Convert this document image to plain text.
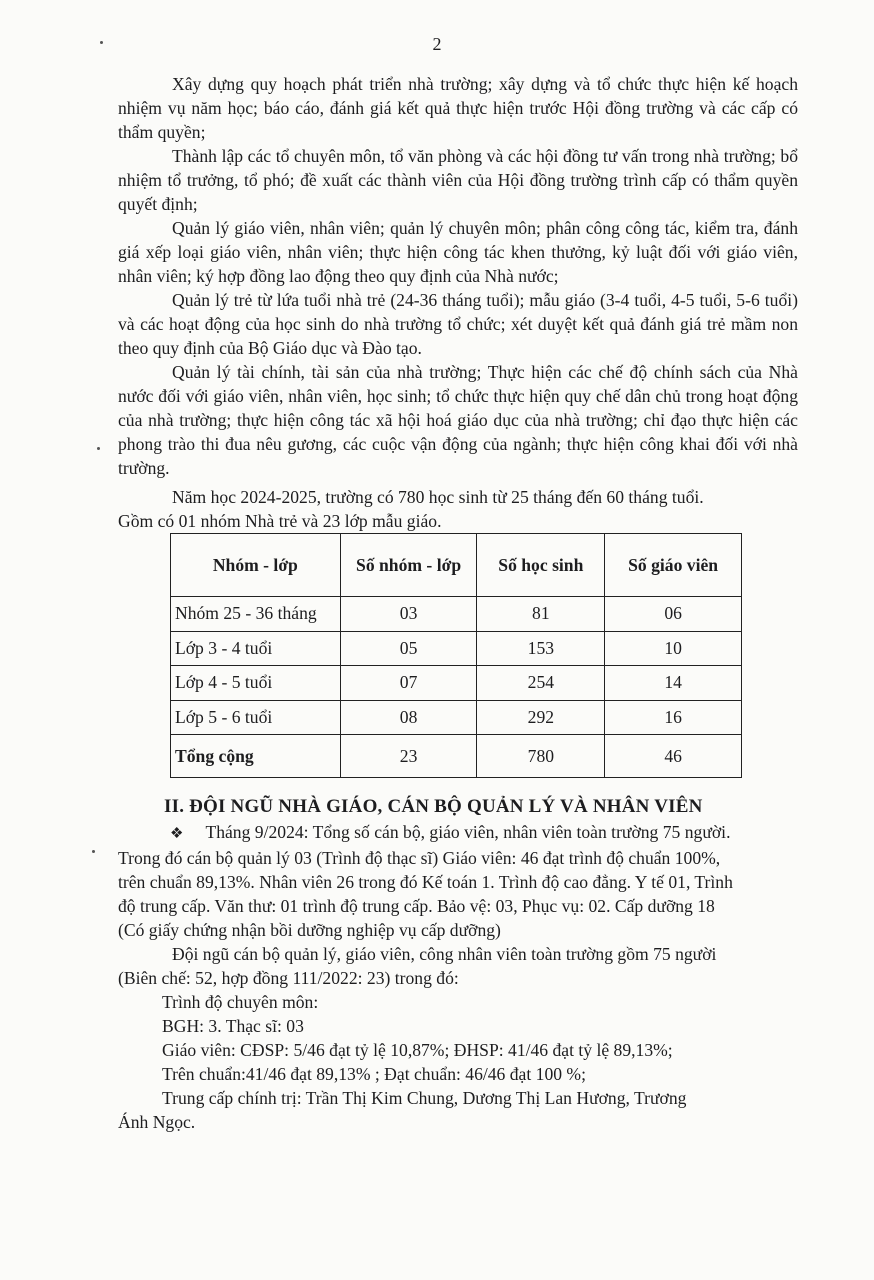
2

Xây dựng quy hoạch phát triển nhà trường; xây dựng và tổ chức thực hiện kế hoạch nhiệm vụ năm học; báo cáo, đánh giá kết quả thực hiện trước Hội đồng trường và các cấp có thẩm quyền;

Thành lập các tổ chuyên môn, tổ văn phòng và các hội đồng tư vấn trong nhà trường; bổ nhiệm tổ trưởng, tổ phó; đề xuất các thành viên của Hội đồng trường trình cấp có thẩm quyền quyết định;

Quản lý giáo viên, nhân viên; quản lý chuyên môn; phân công công tác, kiểm tra, đánh giá xếp loại giáo viên, nhân viên; thực hiện công tác khen thưởng, kỷ luật đối với giáo viên, nhân viên; ký hợp đồng lao động theo quy định của Nhà nước;

Quản lý trẻ từ lứa tuổi nhà trẻ (24-36 tháng tuổi); mẫu giáo (3-4 tuổi, 4-5 tuổi, 5-6 tuổi) và các hoạt động của học sinh do nhà trường tổ chức; xét duyệt kết quả đánh giá trẻ mầm non theo quy định của Bộ Giáo dục và Đào tạo.

Quản lý tài chính, tài sản của nhà trường; Thực hiện các chế độ chính sách của Nhà nước đối với giáo viên, nhân viên, học sinh; tổ chức thực hiện quy chế dân chủ trong hoạt động của nhà trường; thực hiện công tác xã hội hoá giáo dục của nhà trường; chỉ đạo thực hiện các phong trào thi đua nêu gương, các cuộc vận động của ngành; thực hiện công khai đối với nhà trường.

Năm học 2024-2025, trường có 780 học sinh từ 25 tháng đến 60 tháng tuổi.
Gồm có 01 nhóm Nhà trẻ và 23 lớp mẫu giáo.
Nhóm - lớp	Số nhóm - lớp	Số học sinh	Số giáo viên
Nhóm 25 - 36 tháng	03	81	06
Lớp 3 - 4 tuổi	05	153	10
Lớp 4 - 5 tuổi	07	254	14
Lớp 5 - 6 tuổi	08	292	16
Tổng cộng	23	780	46
II. ĐỘI NGŨ NHÀ GIÁO, CÁN BỘ QUẢN LÝ VÀ NHÂN VIÊN
❖ Tháng 9/2024: Tổng số cán bộ, giáo viên, nhân viên toàn trường 75 người.
Trong đó cán bộ quản lý 03 (Trình độ thạc sĩ) Giáo viên: 46 đạt trình độ chuẩn 100%,
trên chuẩn 89,13%. Nhân viên 26 trong đó Kế toán 1. Trình độ cao đẳng. Y tế 01, Trình
độ trung cấp. Văn thư: 01 trình độ trung cấp. Bảo vệ: 03, Phục vụ: 02. Cấp dưỡng 18
(Có giấy chứng nhận bồi dưỡng nghiệp vụ cấp dưỡng)
Đội ngũ cán bộ quản lý, giáo viên, công nhân viên toàn trường gồm 75 người
(Biên chế: 52, hợp đồng 111/2022: 23) trong đó:
Trình độ chuyên môn:
BGH: 3. Thạc sĩ: 03
Giáo viên: CĐSP: 5/46 đạt tỷ lệ 10,87%; ĐHSP: 41/46 đạt tỷ lệ 89,13%;
Trên chuẩn:41/46 đạt 89,13% ; Đạt chuẩn: 46/46 đạt 100 %;
Trung cấp chính trị: Trần Thị Kim Chung, Dương Thị Lan Hương, Trương
Ánh Ngọc.
